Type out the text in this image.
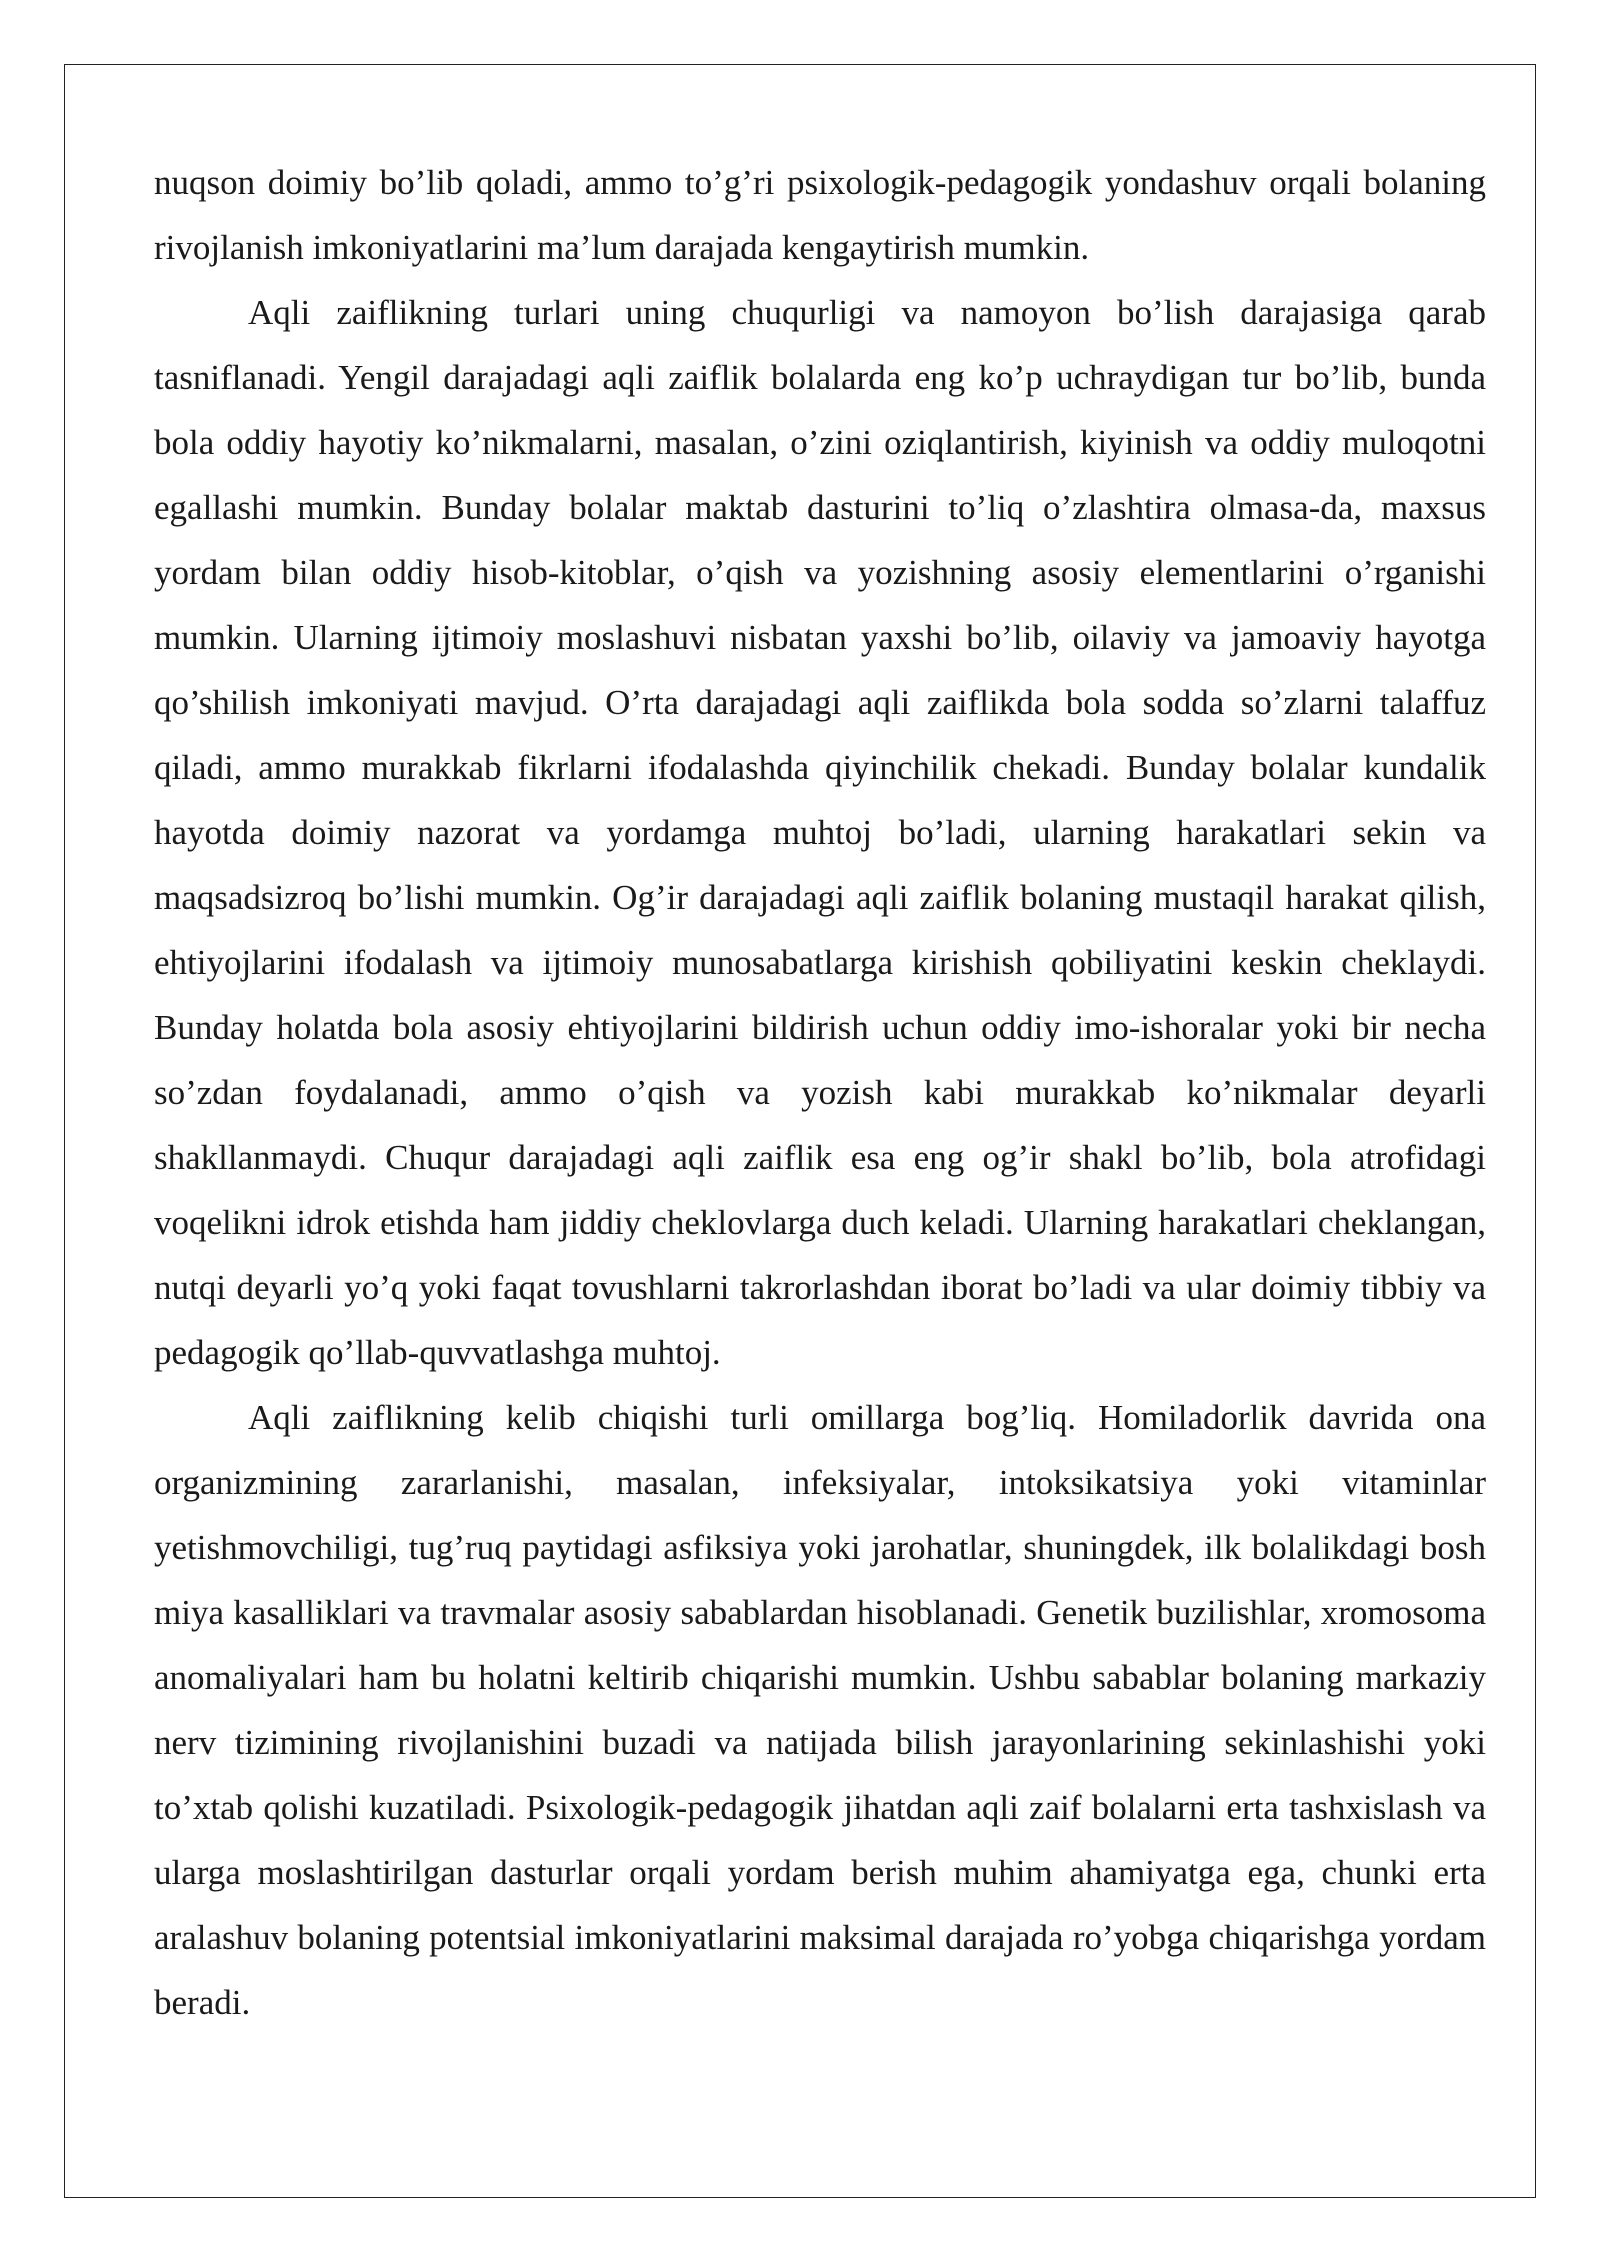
nuqson doimiy bo’lib qoladi, ammo to’g’ri psixologik-pedagogik yondashuv orqali bolaning rivojlanish imkoniyatlarini ma’lum darajada kengaytirish mumkin.

Aqli zaiflikning turlari uning chuqurligi va namoyon bo’lish darajasiga qarab tasniflanadi. Yengil darajadagi aqli zaiflik bolalarda eng ko’p uchraydigan tur bo’lib, bunda bola oddiy hayotiy ko’nikmalarni, masalan, o’zini oziqlantirish, kiyinish va oddiy muloqotni egallashi mumkin. Bunday bolalar maktab dasturini to’liq o’zlashtira olmasa-da, maxsus yordam bilan oddiy hisob-kitoblar, o’qish va yozishning asosiy elementlarini o’rganishi mumkin. Ularning ijtimoiy moslashuvi nisbatan yaxshi bo’lib, oilaviy va jamoaviy hayotga qo’shilish imkoniyati mavjud. O’rta darajadagi aqli zaiflikda bola sodda so’zlarni talaffuz qiladi, ammo murakkab fikrlarni ifodalashda qiyinchilik chekadi. Bunday bolalar kundalik hayotda doimiy nazorat va yordamga muhtoj bo’ladi, ularning harakatlari sekin va maqsadsizroq bo’lishi mumkin. Og’ir darajadagi aqli zaiflik bolaning mustaqil harakat qilish, ehtiyojlarini ifodalash va ijtimoiy munosabatlarga kirishish qobiliyatini keskin cheklaydi. Bunday holatda bola asosiy ehtiyojlarini bildirish uchun oddiy imo-ishoralar yoki bir necha so’zdan foydalanadi, ammo o’qish va yozish kabi murakkab ko’nikmalar deyarli shakllanmaydi. Chuqur darajadagi aqli zaiflik esa eng og’ir shakl bo’lib, bola atrofidagi voqelikni idrok etishda ham jiddiy cheklovlarga duch keladi. Ularning harakatlari cheklangan, nutqi deyarli yo’q yoki faqat tovushlarni takrorlashdan iborat bo’ladi va ular doimiy tibbiy va pedagogik qo’llab-quvvatlashga muhtoj.

Aqli zaiflikning kelib chiqishi turli omillarga bog’liq. Homiladorlik davrida ona organizmining zararlanishi, masalan, infeksiyalar, intoksikatsiya yoki vitaminlar yetishmovchiligi, tug’ruq paytidagi asfiksiya yoki jarohatlar, shuningdek, ilk bolalikdagi bosh miya kasalliklari va travmalar asosiy sabablardan hisoblanadi. Genetik buzilishlar, xromosoma anomaliyalari ham bu holatni keltirib chiqarishi mumkin. Ushbu sabablar bolaning markaziy nerv tizimining rivojlanishini buzadi va natijada bilish jarayonlarining sekinlashishi yoki to’xtab qolishi kuzatiladi. Psixologik-pedagogik jihatdan aqli zaif bolalarni erta tashxislash va ularga moslashtirilgan dasturlar orqali yordam berish muhim ahamiyatga ega, chunki erta aralashuv bolaning potentsial imkoniyatlarini maksimal darajada ro’yobga chiqarishga yordam beradi.
